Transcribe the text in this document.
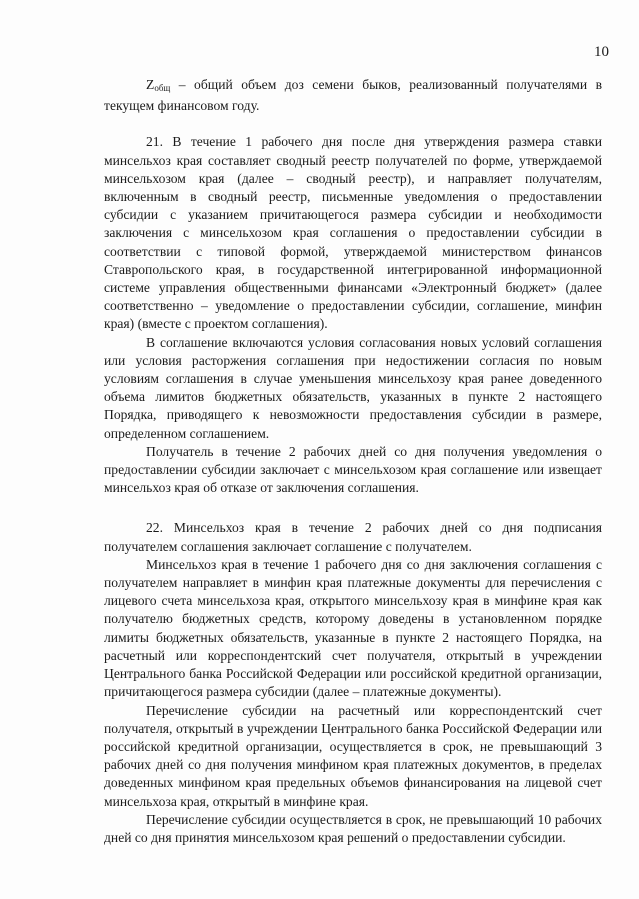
10

$Z_{общ}$ – общий объем доз семени быков, реализованный получателями в текущем финансовом году.

21. В течение 1 рабочего дня после дня утверждения размера ставки минсельхоз края составляет сводный реестр получателей по форме, утверждаемой минсельхозом края (далее – сводный реестр), и направляет получателям, включенным в сводный реестр, письменные уведомления о предоставлении субсидии с указанием причитающегося размера субсидии и необходимости заключения с минсельхозом края соглашения о предоставлении субсидии в соответствии с типовой формой, утверждаемой министерством финансов Ставропольского края, в государственной интегрированной информационной системе управления общественными финансами «Электронный бюджет» (далее соответственно – уведомление о предоставлении субсидии, соглашение, минфин края) (вместе с проектом соглашения).

В соглашение включаются условия согласования новых условий соглашения или условия расторжения соглашения при недостижении согласия по новым условиям соглашения в случае уменьшения минсельхозу края ранее доведенного объема лимитов бюджетных обязательств, указанных в пункте 2 настоящего Порядка, приводящего к невозможности предоставления субсидии в размере, определенном соглашением.

Получатель в течение 2 рабочих дней со дня получения уведомления о предоставлении субсидии заключает с минсельхозом края соглашение или извещает минсельхоз края об отказе от заключения соглашения.

22. Минсельхоз края в течение 2 рабочих дней со дня подписания получателем соглашения заключает соглашение с получателем.

Минсельхоз края в течение 1 рабочего дня со дня заключения соглашения с получателем направляет в минфин края платежные документы для перечисления с лицевого счета минсельхоза края, открытого минсельхозу края в минфине края как получателю бюджетных средств, которому доведены в установленном порядке лимиты бюджетных обязательств, указанные в пункте 2 настоящего Порядка, на расчетный или корреспондентский счет получателя, открытый в учреждении Центрального банка Российской Федерации или российской кредитной организации, причитающегося размера субсидии (далее – платежные документы).

Перечисление субсидии на расчетный или корреспондентский счет получателя, открытый в учреждении Центрального банка Российской Федерации или российской кредитной организации, осуществляется в срок, не превышающий 3 рабочих дней со дня получения минфином края платежных документов, в пределах доведенных минфином края предельных объемов финансирования на лицевой счет минсельхоза края, открытый в минфине края.

Перечисление субсидии осуществляется в срок, не превышающий 10 рабочих дней со дня принятия минсельхозом края решений о предоставлении субсидии.
